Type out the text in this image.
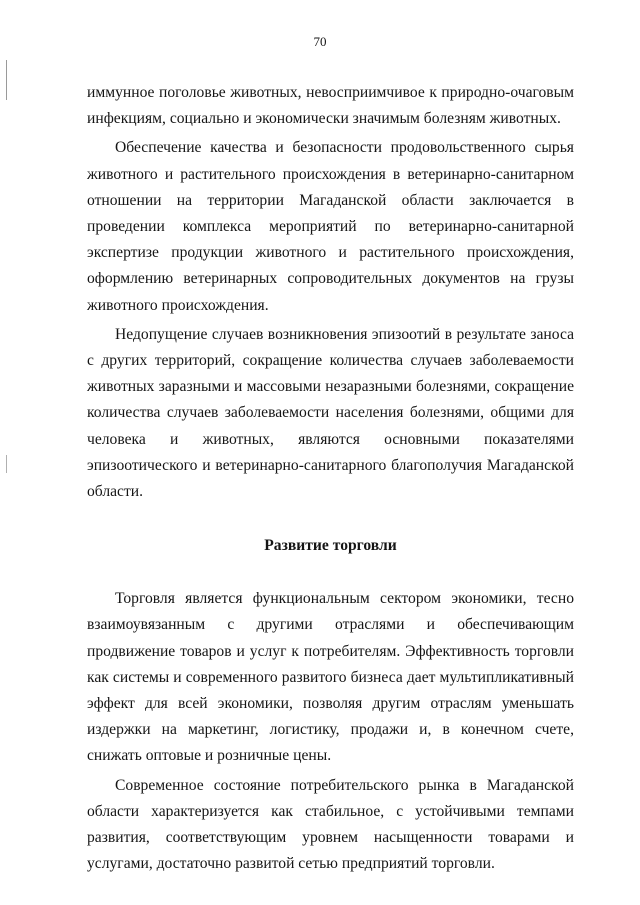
70

иммунное поголовье животных, невосприимчивое к природно-очаговым инфекциям, социально и экономически значимым болезням животных.

Обеспечение качества и безопасности продовольственного сырья животного и растительного происхождения в ветеринарно-санитарном отношении на территории Магаданской области заключается в проведении комплекса мероприятий по ветеринарно-санитарной экспертизе продукции животного и растительного происхождения, оформлению ветеринарных сопроводительных документов на грузы животного происхождения.

Недопущение случаев возникновения эпизоотий в результате заноса с других территорий, сокращение количества случаев заболеваемости животных заразными и массовыми незаразными болезнями, сокращение количества случаев заболеваемости населения болезнями, общими для человека и животных, являются основными показателями эпизоотического и ветеринарно-санитарного благополучия Магаданской области.

Развитие торговли

Торговля является функциональным сектором экономики, тесно взаимоувязанным с другими отраслями и обеспечивающим продвижение товаров и услуг к потребителям. Эффективность торговли как системы и современного развитого бизнеса дает мультипликативный эффект для всей экономики, позволяя другим отраслям уменьшать издержки на маркетинг, логистику, продажи и, в конечном счете, снижать оптовые и розничные цены.

Современное состояние потребительского рынка в Магаданской области характеризуется как стабильное, с устойчивыми темпами развития, соответствующим уровнем насыщенности товарами и услугами, достаточно развитой сетью предприятий торговли.
